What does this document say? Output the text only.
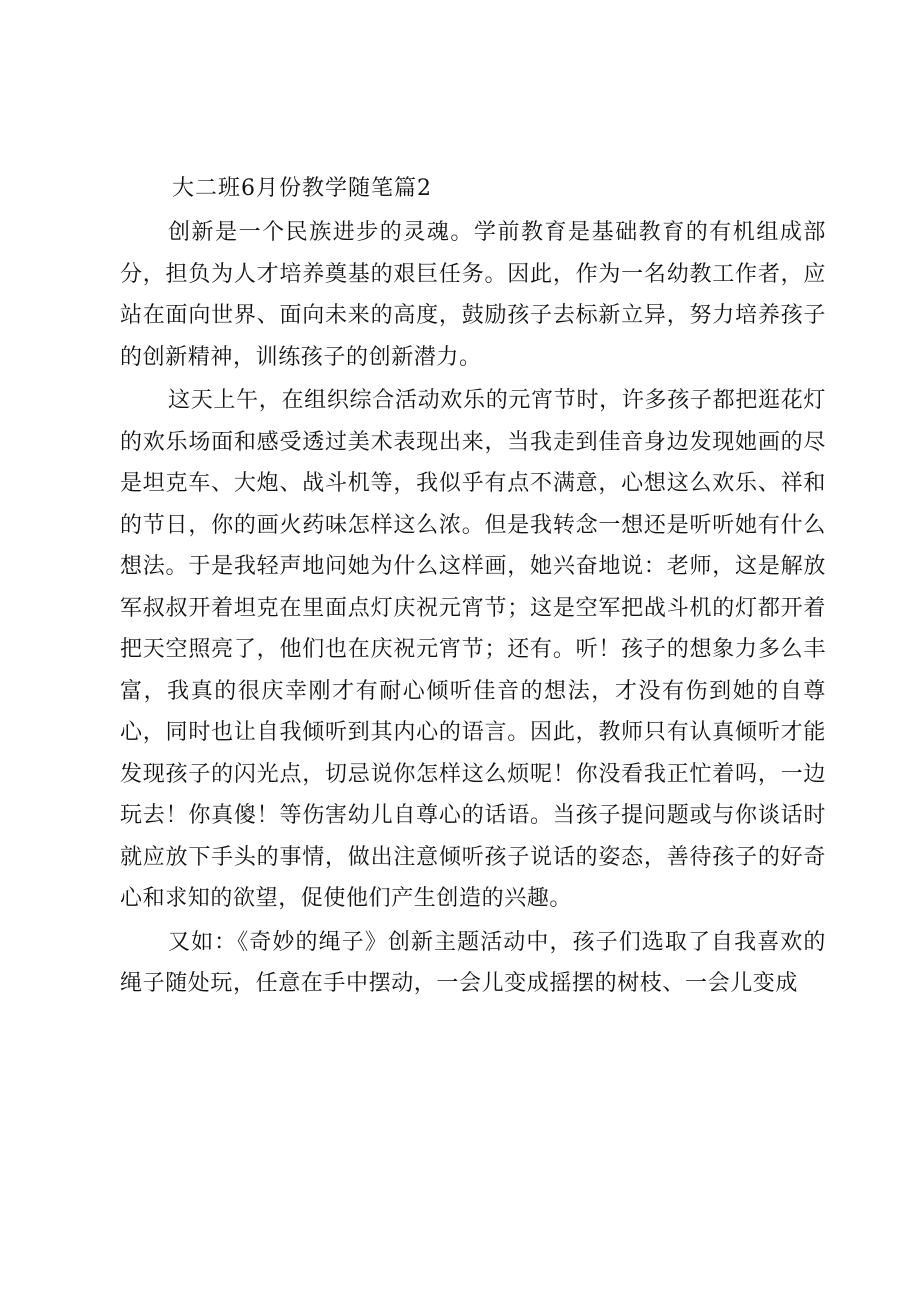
大二班6月份教学随笔篇2

创新是一个民族进步的灵魂。学前教育是基础教育的有机组成部分，担负为人才培养奠基的艰巨任务。因此，作为一名幼教工作者，应站在面向世界、面向未来的高度，鼓励孩子去标新立异，努力培养孩子的创新精神，训练孩子的创新潜力。

这天上午，在组织综合活动欢乐的元宵节时，许多孩子都把逛花灯的欢乐场面和感受透过美术表现出来，当我走到佳音身边发现她画的尽是坦克车、大炮、战斗机等，我似乎有点不满意，心想这么欢乐、祥和的节日，你的画火药味怎样这么浓。但是我转念一想还是听听她有什么想法。于是我轻声地问她为什么这样画，她兴奋地说：老师，这是解放军叔叔开着坦克在里面点灯庆祝元宵节；这是空军把战斗机的灯都开着把天空照亮了，他们也在庆祝元宵节；还有。听！孩子的想象力多么丰富，我真的很庆幸刚才有耐心倾听佳音的想法，才没有伤到她的自尊心，同时也让自我倾听到其内心的语言。因此，教师只有认真倾听才能发现孩子的闪光点，切忌说你怎样这么烦呢！你没看我正忙着吗，一边玩去！你真傻！等伤害幼儿自尊心的话语。当孩子提问题或与你谈话时就应放下手头的事情，做出注意倾听孩子说话的姿态，善待孩子的好奇心和求知的欲望，促使他们产生创造的兴趣。

又如：《奇妙的绳子》创新主题活动中，孩子们选取了自我喜欢的绳子随处玩，任意在手中摆动，一会儿变成摇摆的树枝、一会儿变成
